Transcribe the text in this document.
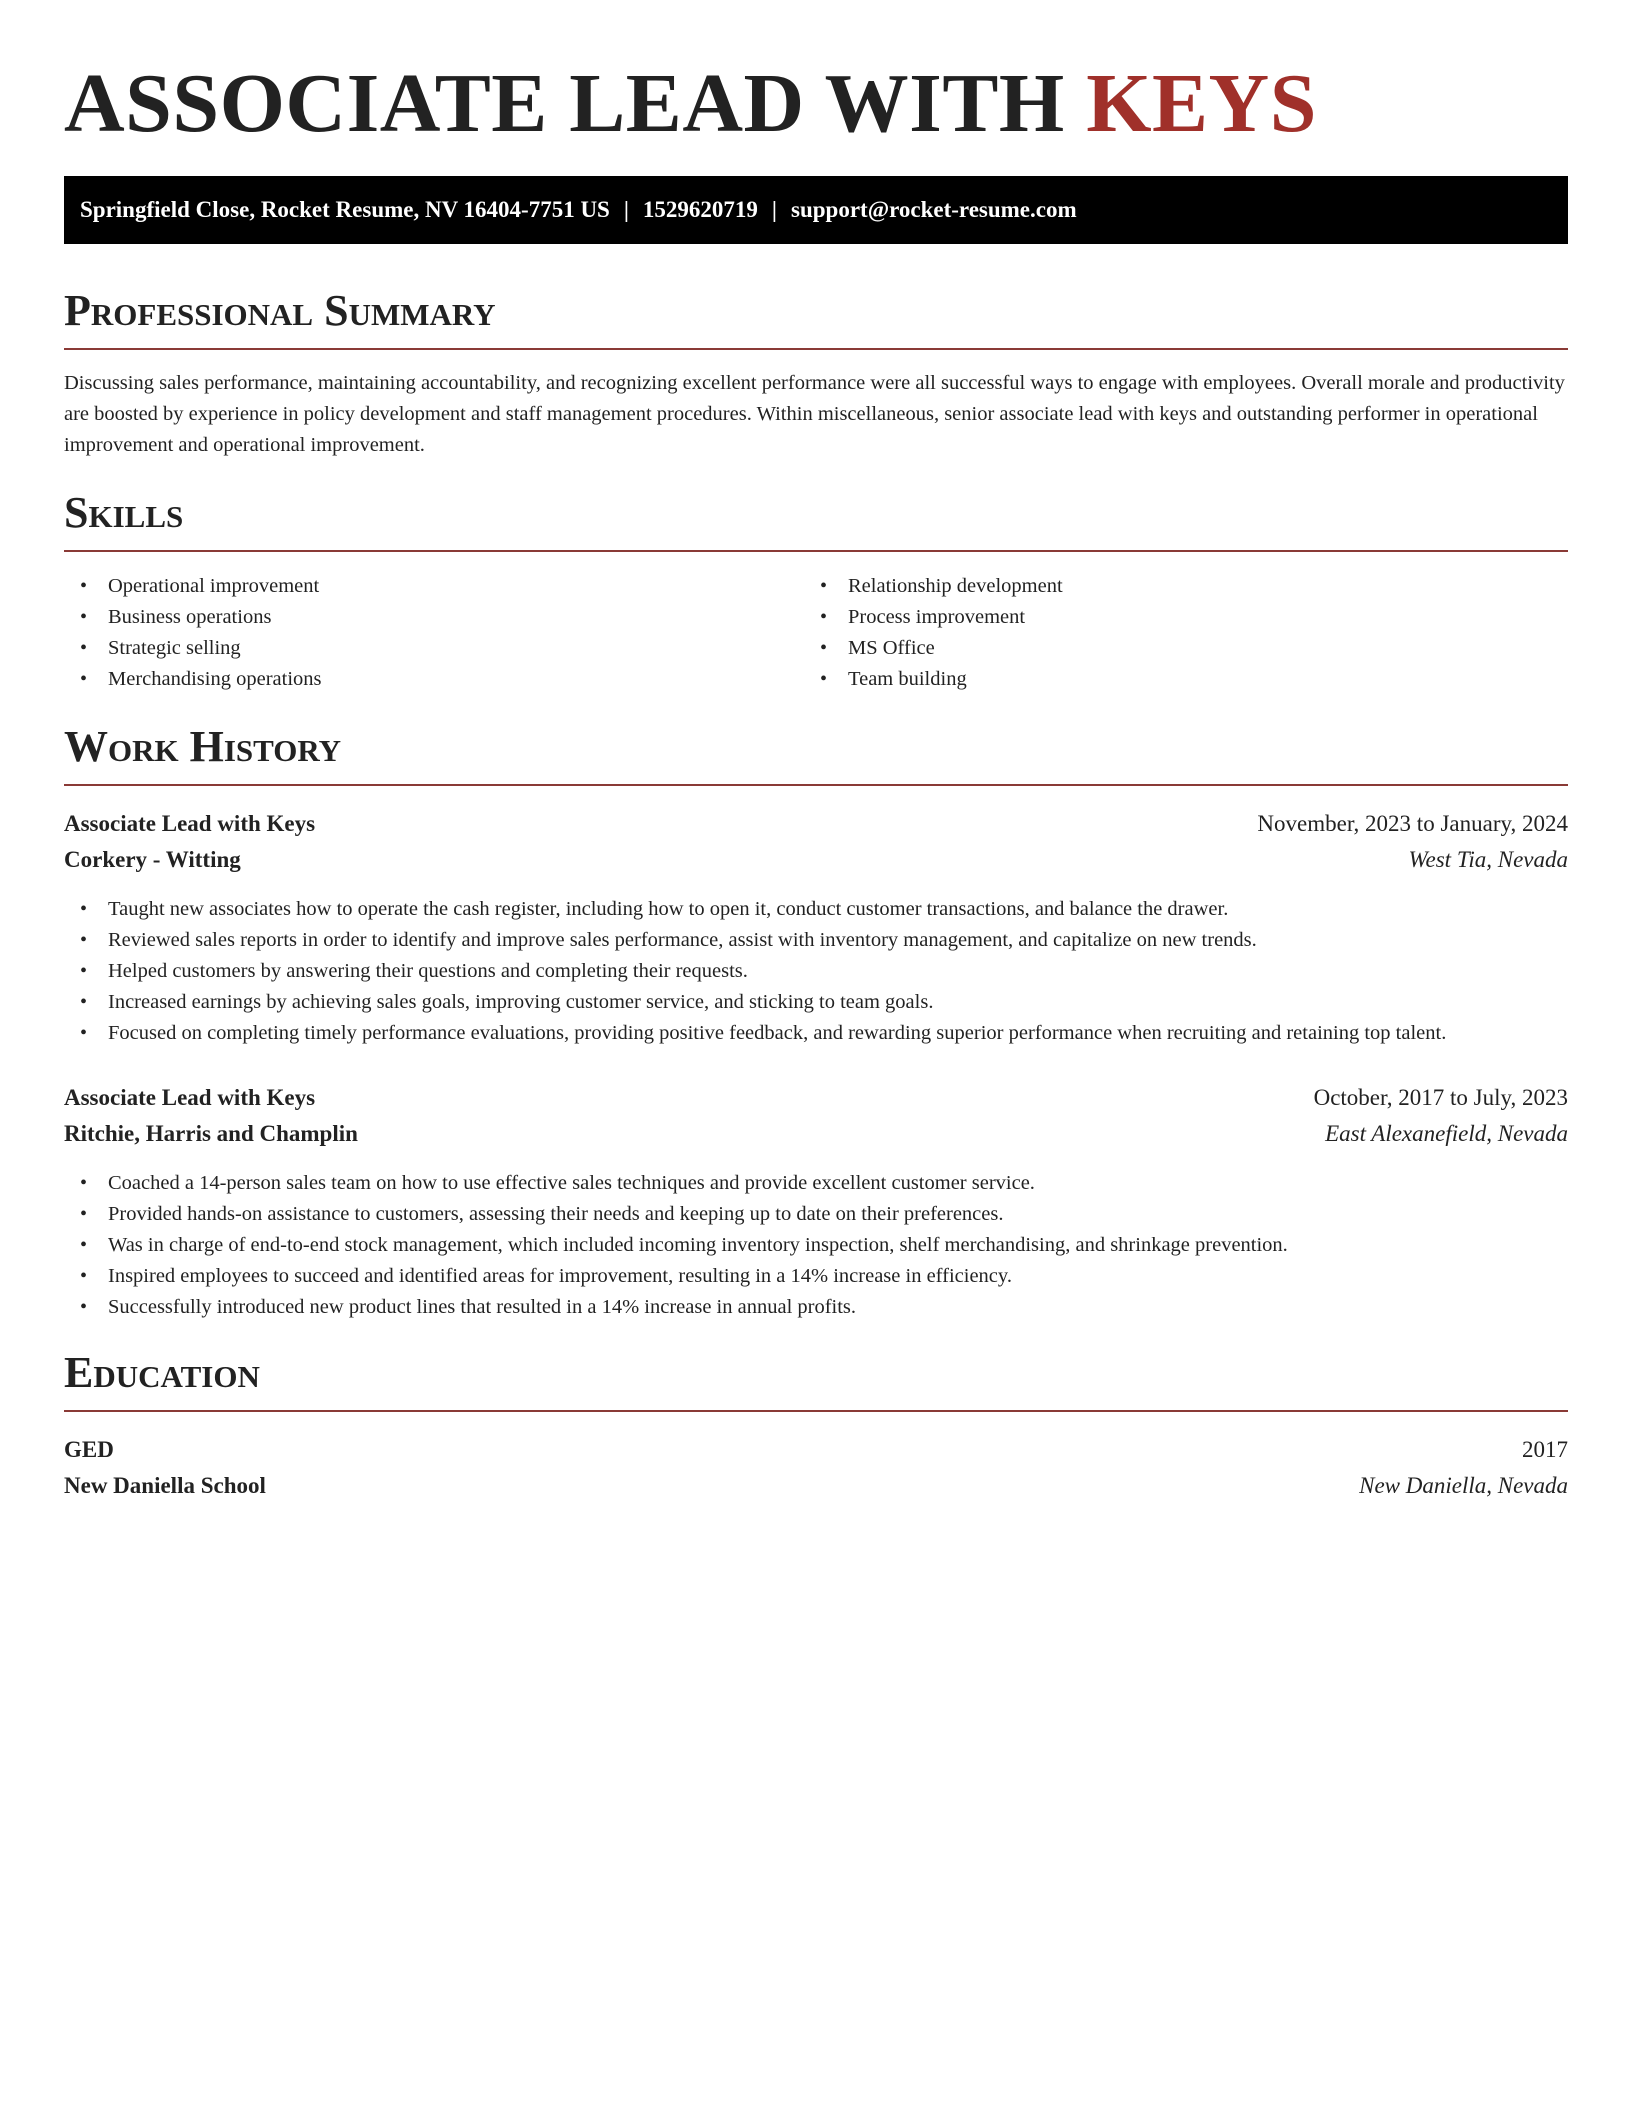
ASSOCIATE LEAD WITH KEYS
Springfield Close, Rocket Resume, NV 16404-7751 US | 1529620719 | support@rocket-resume.com
Professional Summary

Discussing sales performance, maintaining accountability, and recognizing excellent performance were all successful ways to engage with employees. Overall morale and productivity are boosted by experience in policy development and staff management procedures. Within miscellaneous, senior associate lead with keys and outstanding performer in operational improvement and operational improvement.

Skills
• Operational improvement
• Business operations
• Strategic selling
• Merchandising operations
• Relationship development
• Process improvement
• MS Office
• Team building
Work History
Associate Lead with Keys	November, 2023 to January, 2024
Corkery - Witting	West Tia, Nevada
• Taught new associates how to operate the cash register, including how to open it, conduct customer transactions, and balance the drawer.
• Reviewed sales reports in order to identify and improve sales performance, assist with inventory management, and capitalize on new trends.
• Helped customers by answering their questions and completing their requests.
• Increased earnings by achieving sales goals, improving customer service, and sticking to team goals.
• Focused on completing timely performance evaluations, providing positive feedback, and rewarding superior performance when recruiting and retaining top talent.
Associate Lead with Keys	October, 2017 to July, 2023
Ritchie, Harris and Champlin	East Alexanefield, Nevada
• Coached a 14-person sales team on how to use effective sales techniques and provide excellent customer service.
• Provided hands-on assistance to customers, assessing their needs and keeping up to date on their preferences.
• Was in charge of end-to-end stock management, which included incoming inventory inspection, shelf merchandising, and shrinkage prevention.
• Inspired employees to succeed and identified areas for improvement, resulting in a 14% increase in efficiency.
• Successfully introduced new product lines that resulted in a 14% increase in annual profits.
Education
GED	2017
New Daniella School	New Daniella, Nevada
